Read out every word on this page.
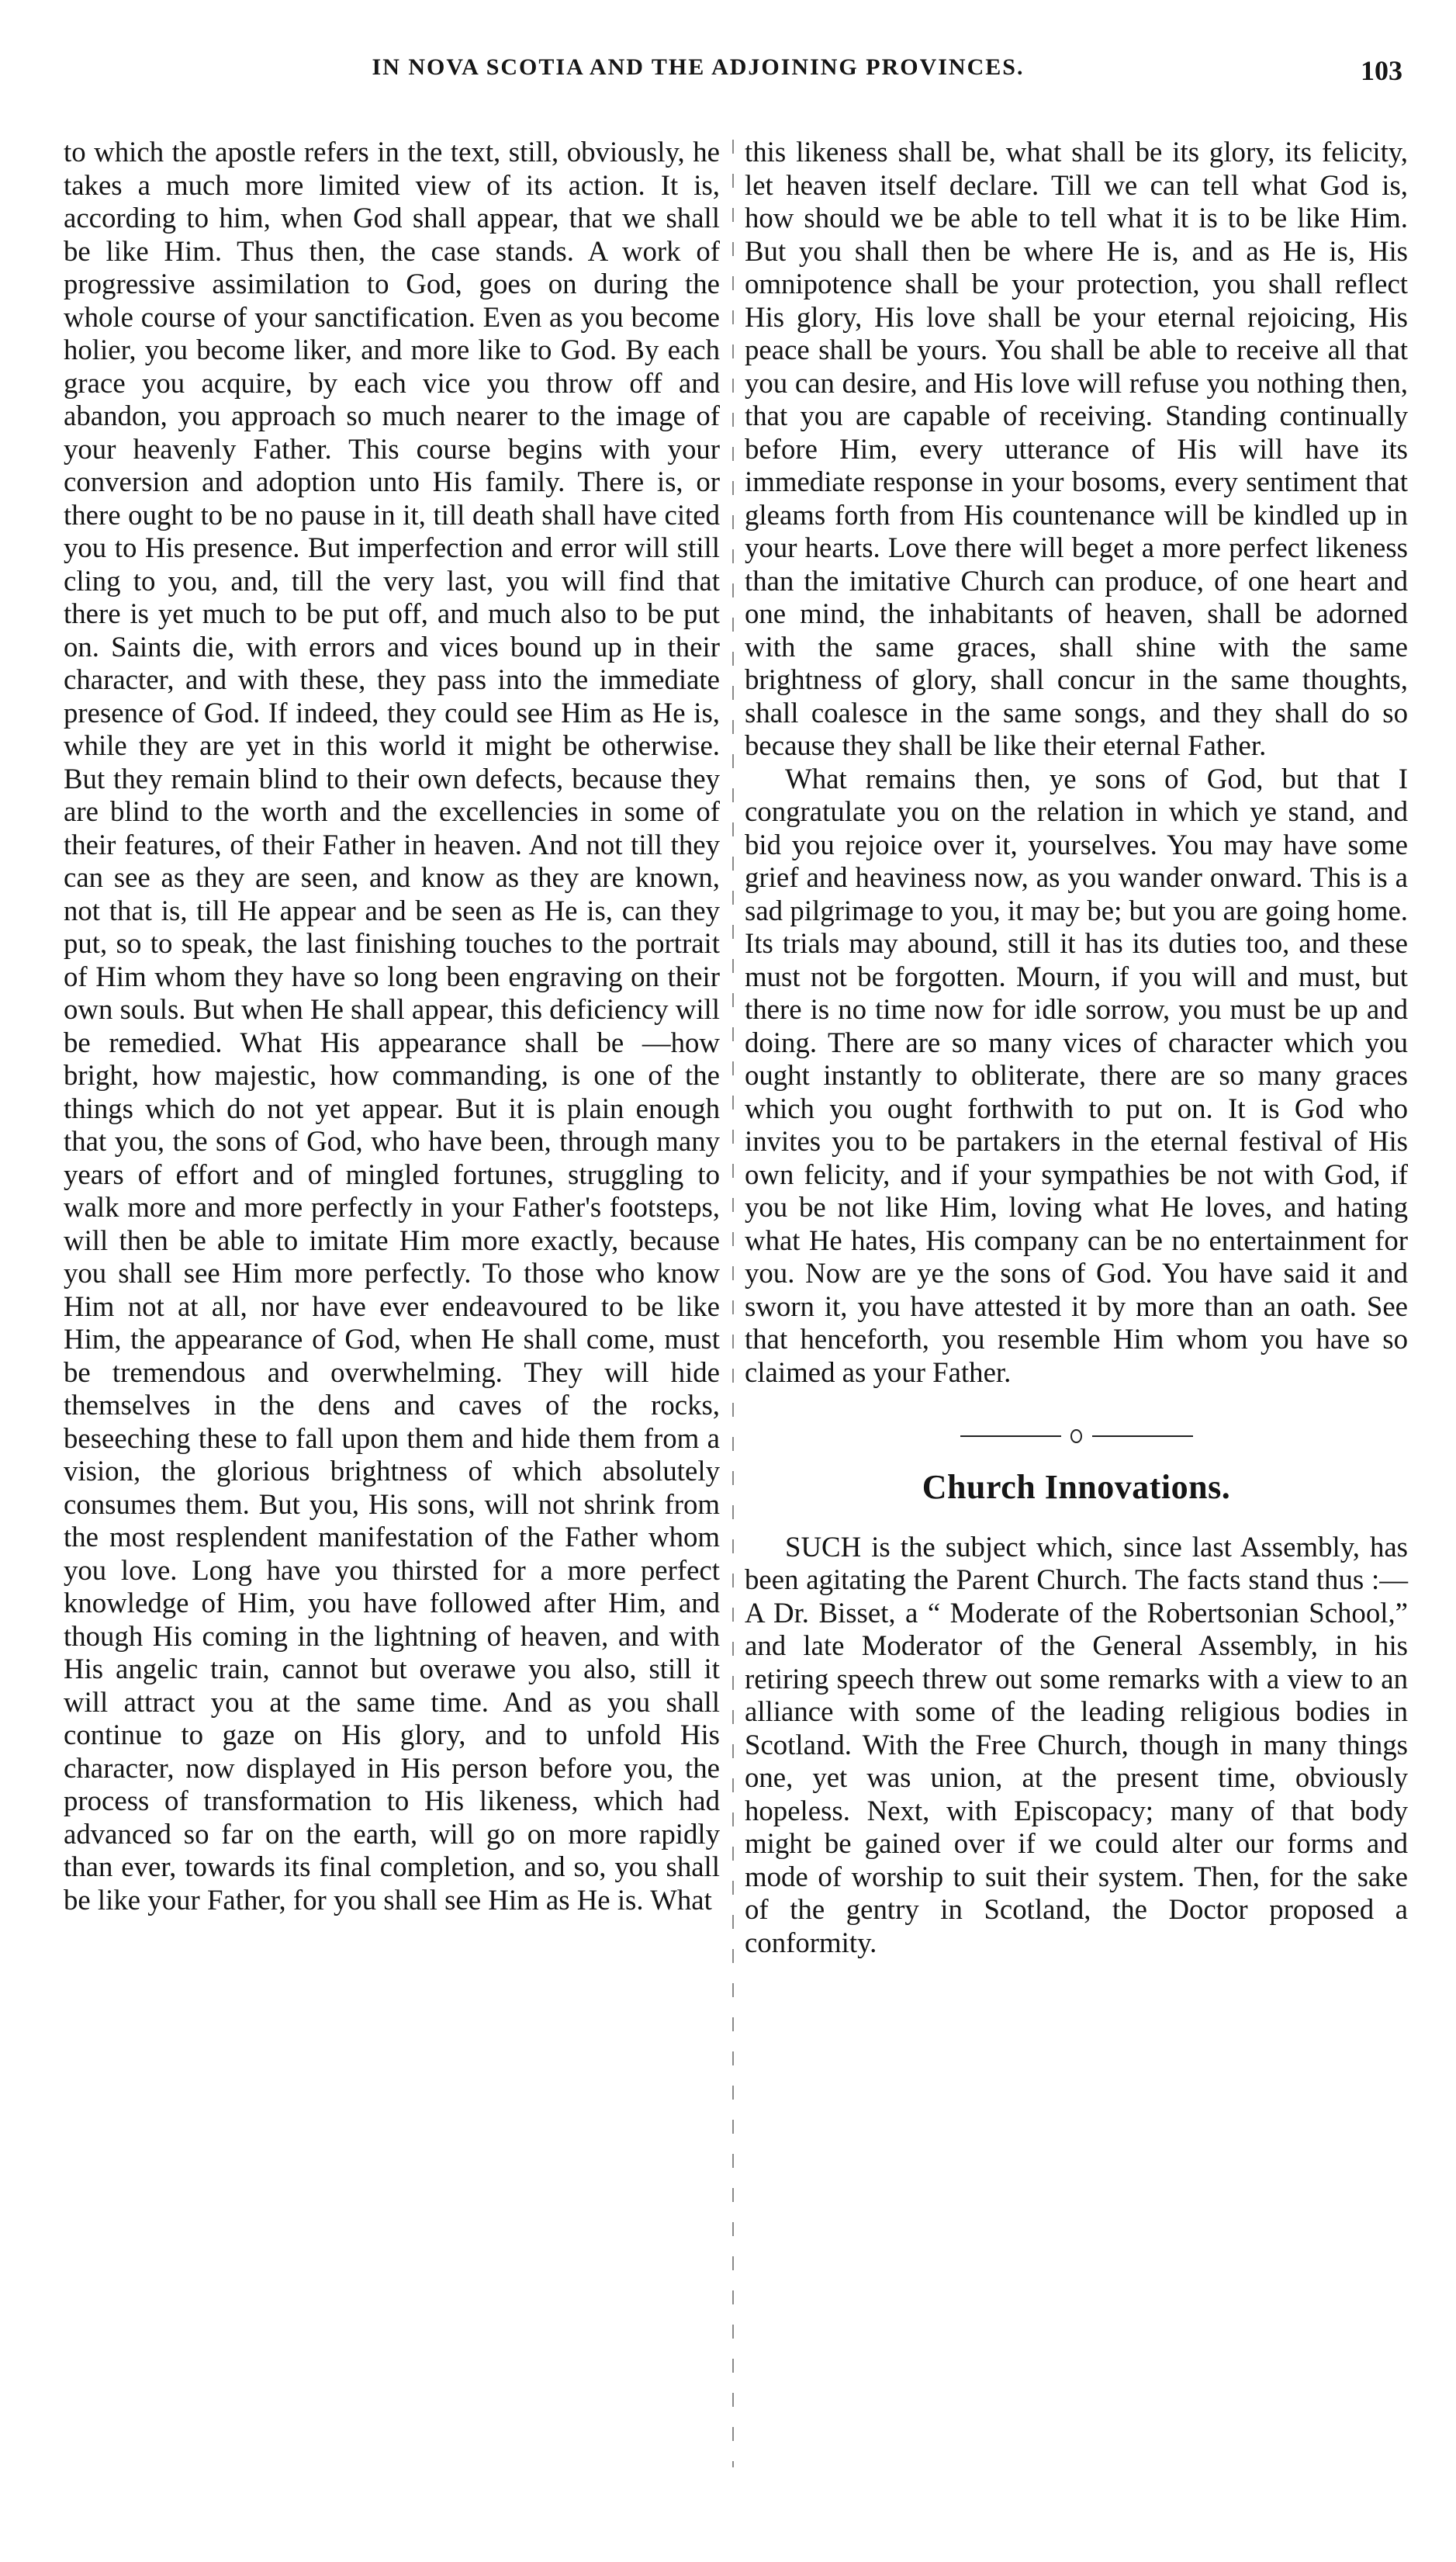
IN NOVA SCOTIA AND THE ADJOINING PROVINCES.	103

to which the apostle refers in the text, still, obviously, he takes a much more limited view of its action. It is, according to him, when God shall appear, that we shall be like Him. Thus then, the case stands. A work of progressive assimilation to God, goes on during the whole course of your sanctification. Even as you become holier, you become liker, and more like to God. By each grace you acquire, by each vice you throw off and abandon, you approach so much nearer to the image of your heavenly Father. This course begins with your conversion and adoption unto His family. There is, or there ought to be no pause in it, till death shall have cited you to His presence. But imperfection and error will still cling to you, and, till the very last, you will find that there is yet much to be put off, and much also to be put on. Saints die, with errors and vices bound up in their character, and with these, they pass into the immediate presence of God. If indeed, they could see Him as He is, while they are yet in this world it might be otherwise. But they remain blind to their own defects, because they are blind to the worth and the excellencies in some of their features, of their Father in heaven. And not till they can see as they are seen, and know as they are known, not that is, till He appear and be seen as He is, can they put, so to speak, the last finishing touches to the portrait of Him whom they have so long been engraving on their own souls. But when He shall appear, this deficiency will be remedied. What His appearance shall be —how bright, how majestic, how commanding, is one of the things which do not yet appear. But it is plain enough that you, the sons of God, who have been, through many years of effort and of mingled fortunes, struggling to walk more and more perfectly in your Father's footsteps, will then be able to imitate Him more exactly, because you shall see Him more perfectly. To those who know Him not at all, nor have ever endeavoured to be like Him, the appearance of God, when He shall come, must be tremendous and overwhelming. They will hide themselves in the dens and caves of the rocks, beseeching these to fall upon them and hide them from a vision, the glorious brightness of which absolutely consumes them. But you, His sons, will not shrink from the most resplendent manifestation of the Father whom you love. Long have you thirsted for a more perfect knowledge of Him, you have followed after Him, and though His coming in the lightning of heaven, and with His angelic train, cannot but overawe you also, still it will attract you at the same time. And as you shall continue to gaze on His glory, and to unfold His character, now displayed in His person before you, the process of transformation to His likeness, which had advanced so far on the earth, will go on more rapidly than ever, towards its final completion, and so, you shall be like your Father, for you shall see Him as He is. What

this likeness shall be, what shall be its glory, its felicity, let heaven itself declare. Till we can tell what God is, how should we be able to tell what it is to be like Him. But you shall then be where He is, and as He is, His omnipotence shall be your protection, you shall reflect His glory, His love shall be your eternal rejoicing, His peace shall be yours. You shall be able to receive all that you can desire, and His love will refuse you nothing then, that you are capable of receiving. Standing continually before Him, every utterance of His will have its immediate response in your bosoms, every sentiment that gleams forth from His countenance will be kindled up in your hearts. Love there will beget a more perfect likeness than the imitative Church can produce, of one heart and one mind, the inhabitants of heaven, shall be adorned with the same graces, shall shine with the same brightness of glory, shall concur in the same thoughts, shall coalesce in the same songs, and they shall do so because they shall be like their eternal Father.

What remains then, ye sons of God, but that I congratulate you on the relation in which ye stand, and bid you rejoice over it, yourselves. You may have some grief and heaviness now, as you wander onward. This is a sad pilgrimage to you, it may be; but you are going home. Its trials may abound, still it has its duties too, and these must not be forgotten. Mourn, if you will and must, but there is no time now for idle sorrow, you must be up and doing. There are so many vices of character which you ought instantly to obliterate, there are so many graces which you ought forthwith to put on. It is God who invites you to be partakers in the eternal festival of His own felicity, and if your sympathies be not with God, if you be not like Him, loving what He loves, and hating what He hates, His company can be no entertainment for you. Now are ye the sons of God. You have said it and sworn it, you have attested it by more than an oath. See that henceforth, you resemble Him whom you have so claimed as your Father.

Church Innovations.

SUCH is the subject which, since last Assembly, has been agitating the Parent Church. The facts stand thus :—A Dr. Bisset, a “ Moderate of the Robertsonian School,” and late Moderator of the General Assembly, in his retiring speech threw out some remarks with a view to an alliance with some of the leading religious bodies in Scotland. With the Free Church, though in many things one, yet was union, at the present time, obviously hopeless. Next, with Episcopacy; many of that body might be gained over if we could alter our forms and mode of worship to suit their system. Then, for the sake of the gentry in Scotland, the Doctor proposed a conformity.
